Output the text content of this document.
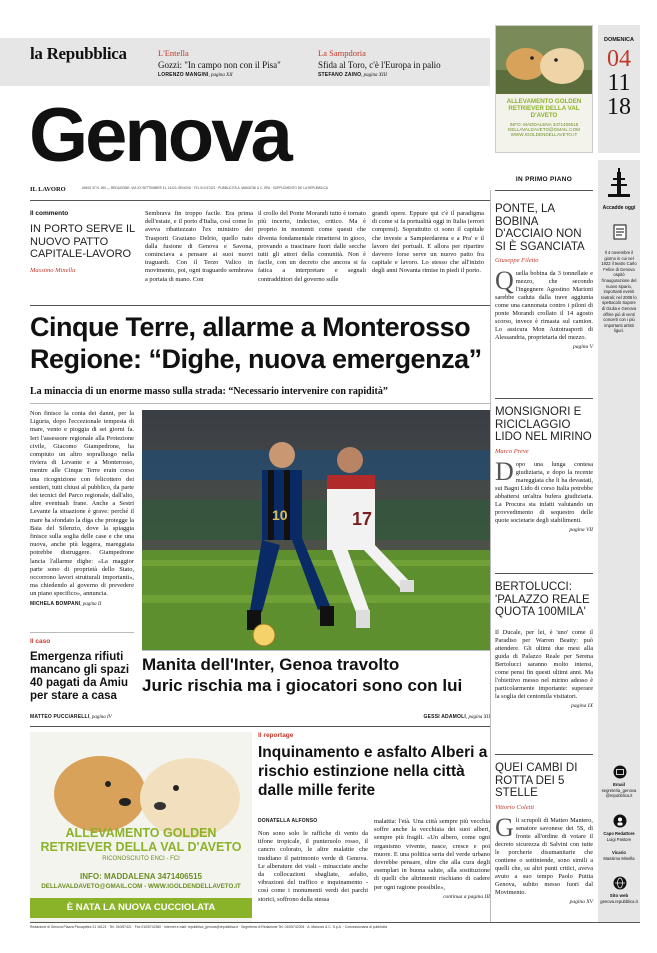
la Repubblica	L'Entella
Gozzi: "In campo non con il Pisa"
LORENZO MANGINI, pagina XII
La Sampdoria
Sfida al Toro, c'è l'Europa in palio
STEFANO ZAINO, pagina XIII
ALLEVAMENTO GOLDEN
RETRIEVER DELLA VAL D'AVETO
INFO: MADDALENA 3471406515
DELLAVALDAVETO@GMAIL.COM
WWW.IGOLDENDELLAVETO.IT
DOMENICA
04
11
18
Genova
IL LAVORO	ANNO 37 N. 260 — REDAZIONE: VIA XX SETTEMBRE 41, 16121 GENOVA · TEL 010 57421 · PUBBLICITÀ A. MANZONI & C. SPA · SUPPLEMENTO DE LA REPUBBLICA
IN PRIMO PIANO
Il commento
IN PORTO SERVE IL NUOVO PATTO CAPITALE-LAVORO
Massimo Minella

Sembrava fin troppo facile. Era prima dell'estate, e il porto d'Italia, così come lo aveva ribattezzato l'ex ministro dei Trasporti Graziano Delrio, quello nato dalla fusione di Genova e Savona, cominciava a pensare ai suoi nuovi traguardi. Con il Terzo Valico in movimento, poi, ogni traguardo sembrava a portata di mano. Con

il crollo del Ponte Morandi tutto è tornato più incerto, indeciso, critico. Ma è proprio in momenti come questi che diventa fondamentale rimettersi in gioco, provando a trascinare fuori dalle secche tutti gli attori della comunità. Non è facile, con un decreto che ancora si fa fatica a interpretare e segnali contraddittori del governo sulle

grandi opere. Eppure qui c'è il paradigma di come si fa portualità oggi in Italia (errori compresi). Soprattutto ci sono il capitale che investe a Sampierdarena e a Pra' e il lavoro dei portuali. E allora per ripartire davvero forse serve un nuovo patto fra capitale e lavoro. Lo stesso che all'inizio degli anni Novanta rimise in piedi il porto.

Cinque Terre, allarme a Monterosso
Regione: “Dighe, nuova emergenza”
La minaccia di un enorme masso sulla strada: “Necessario intervenire con rapidità”

Non finisce la conta dei danni, per la Liguria, dopo l'eccezionale tempesta di mare, vento e pioggia di sei giorni fa. Ieri l'assessore regionale alla Protezione civile, Giacomo Giampedrone, ha compiuto un altro sopralluogo nella riviera di Levante e a Monterosso, mentre alle Cinque Terre erain corso una ricognizione con felicottero dei sentieri, tutti chiusi al pubblico, da parte dei tecnici del Parco regionale, dall'alto, altre eventuali frane. Anche a Sestri Levante la situazione è grave: perché il mare ha sfondato la diga che protegge la Baia del Silenzio, dove la spiaggia finisce sulla soglia delle case e che una nuova, anche più leggera, mareggiata potrebbe distruggere. Giampedrone lancia l'allarme dighe: «La maggior parte sono di proprietà dello Stato, occorrono lavori strutturali importanti», ma chiedendo al governo di prevedere un piano specifico», annuncia.

MICHELA BOMPANI, pagina II
17
10
Manita dell'Inter, Genoa travolto
Juric rischia ma i giocatori sono con lui
GESSI ADAMOLI, pagina XII
Il caso
Emergenza rifiuti mancano gli spazi 40 pagati da Amiu per stare a casa
MATTEO PUCCIARELLI, pagina IV
ALLEVAMENTO GOLDEN
RETRIEVER DELLA VAL D'AVETO
RICONOSCIUTO ENCI - FCI
INFO: MADDALENA 3471406515
DELLAVALDAVETO@GMAIL.COM - WWW.IGOLDENDELLAVETO.IT
È NATA LA NUOVA CUCCIOLATA
Il reportage
Inquinamento e asfalto Alberi a rischio estinzione nella città dalle mille ferite
DONATELLA ALFONSO

Non sono solo le raffiche di vento da tifone tropicale, il punteruolo rosso, il cancro colorato, le altre malattie che insidiano il patrimonio verde di Genova. Le alberature dei viali - minacciate anche da collocazioni sbagliate, asfalto, vibrazioni del traffico e inquinamento - così come i monumenti verdi dei parchi storici, soffrono della stessa

malattia: l'età. Una città sempre più vecchia soffre anche la vecchiaia dei suoi alberi, sempre più fragili. «Un albero, come ogni organismo vivente, nasce, cresce e poi muore. E una politica seria del verde urbano dovrebbe pensare, oltre che alla cura degli esemplari in buona salute, alla sostituzione di quelli che altrimenti rischiano di cadere per ogni ragione possibile»,

continua a pagina III
PONTE, LA BOBINA D'ACCIAIO NON SI È SGANCIATA
Giuseppe Filetto
Quella bobina da 3 tonnellate e mezzo, che secondo l'ingegnere Agostino Marioni sarebbe caduta dalla trave aggiunta come una cannonata contro i piloni di ponte Morandi crollato il 14 agosto scorso, invece è rimasta sul camion. Lo assicura Mon Autotrasporti di Alessandria, proprietaria del mezzo.
pagina V
MONSIGNORI E RICICLAGGIO LIDO NEL MIRINO
Marco Preve
Dopo una lunga contesa giudiziaria, e dopo la recente mareggiata che li ha devastati, sui Bagni Lido di corso Italia potrebbe abbattersi un'altra bufera giudiziaria. La Procura sta infatti valutando un provvedimento di sequestro delle quote societarie degli stabilimenti.
pagina VII
BERTOLUCCI: 'PALAZZO REALE QUOTA 100MILA'
Il Ducale, per lei, è 'uno' come il Paradiso per Warren Beatty: può attendere. Gli ultimi due mesi alla guida di Palazzo Reale per Serena Bertolucci saranno molto intensi, come pensi fin questi ultimi anni. Ma l'obiettivo messo nel mirino adesso è particolarmente importante: superare la soglia dei centomila visitatori.
pagina IX
QUEI CAMBI DI ROTTA DEI 5 STELLE
Vittorio Coletti
Gli scrupoli di Matteo Mantero, senatore savonese dei 5S, di fronte all'ordine di votare il decreto sicurezza di Salvini con tutte le porcherie disumanitarie che contiene o sottintende, sono simili a quelli che, su altri punti critici, aveva avuto a suo tempo Paolo Puttia Genova, subito messo fuori dal Movimento.
pagina XV
Accadde oggi
Il 4 novembre il giorno in cui nel 1922 il teatro Carlo Felice di Genova ospitò l'inaugurazione del nuovo sipario, importanti eventi teatrali; nel 2006 lo spettacolo Sapore di Giulia e Genova offrire più di venti concerti con i più importanti artisti liguri.
Email
segreteria_genova@repubblica.it
Capo Redattore
Luigi Pastore
Vicario
Massimo Minella
Sito web
genova.repubblica.it
Redazione di Genova Piazza Piccapietra 21 16121 · Tel. 010/57421 · Fax 010/5742360 · Internet e-mail: repubblica_genova@repubblica.it · Segreteria di Redazione Tel. 010/5742304 · A. Manzoni & C. S.p.A. · Concessionaria di pubblicità
